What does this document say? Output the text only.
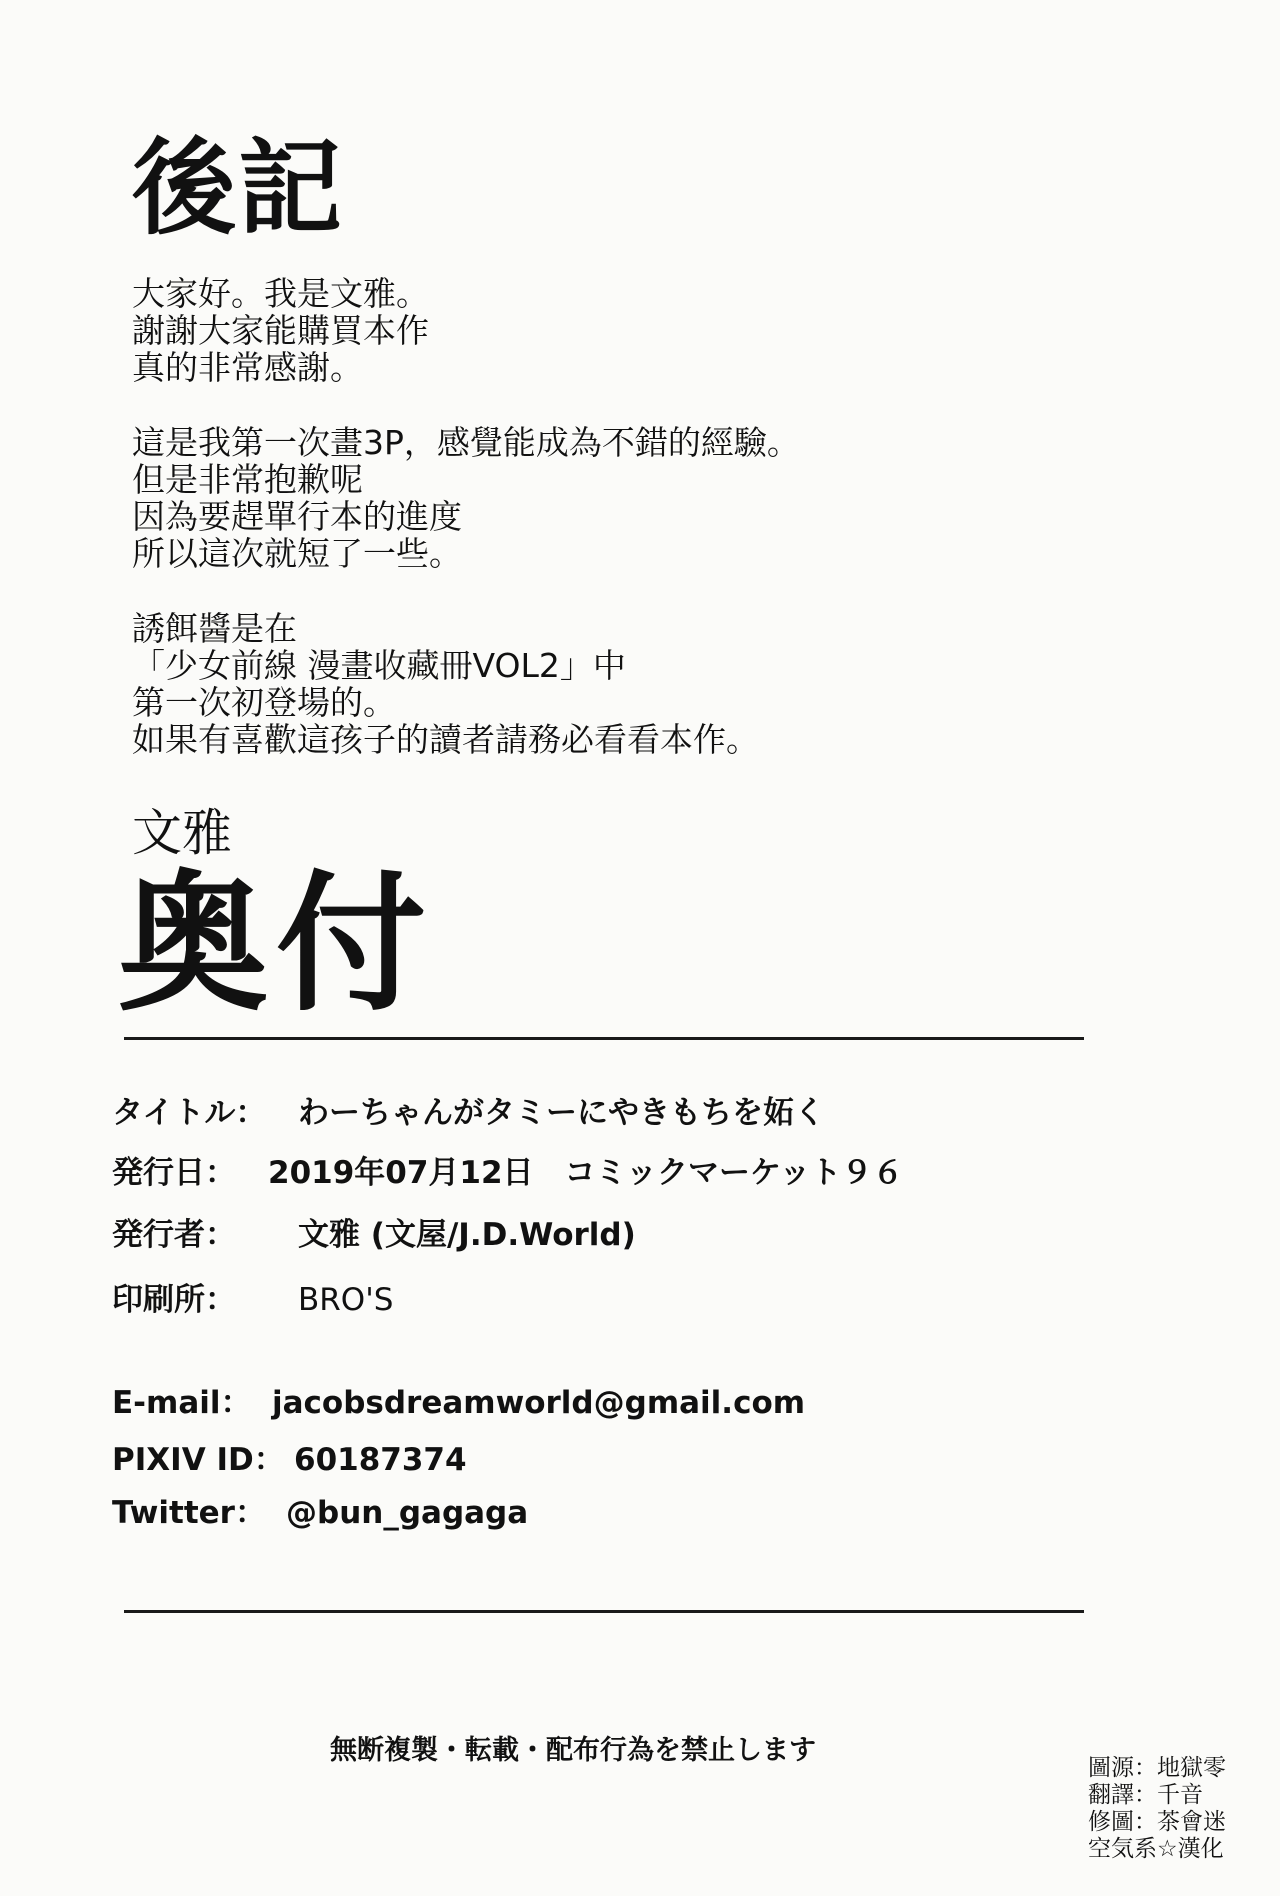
後記

大家好。我是文雅。

謝謝大家能購買本作

真的非常感謝。

這是我第一次畫3P，感覺能成為不錯的經驗。

但是非常抱歉呢

因為要趕單行本的進度

所以這次就短了一些。

誘餌醬是在

「少女前線 漫畫收藏冊VOL2」中

第一次初登場的。

如果有喜歡這孩子的讀者請務必看看本作。

文雅
奥付
タイトル： わーちゃんがタミーにやきもちを妬く
発行日： 2019年07月12日　コミックマーケット９６
発行者： 文雅 (文屋/J.D.World)
印刷所： BRO'S
E-mail： jacobsdreamworld@gmail.com
PIXIV ID： 60187374
Twitter： @bun_gagaga
無断複製・転載・配布行為を禁止します
圖源：地獄零
翻譯：千音
修圖：茶會迷
空気系☆漢化
